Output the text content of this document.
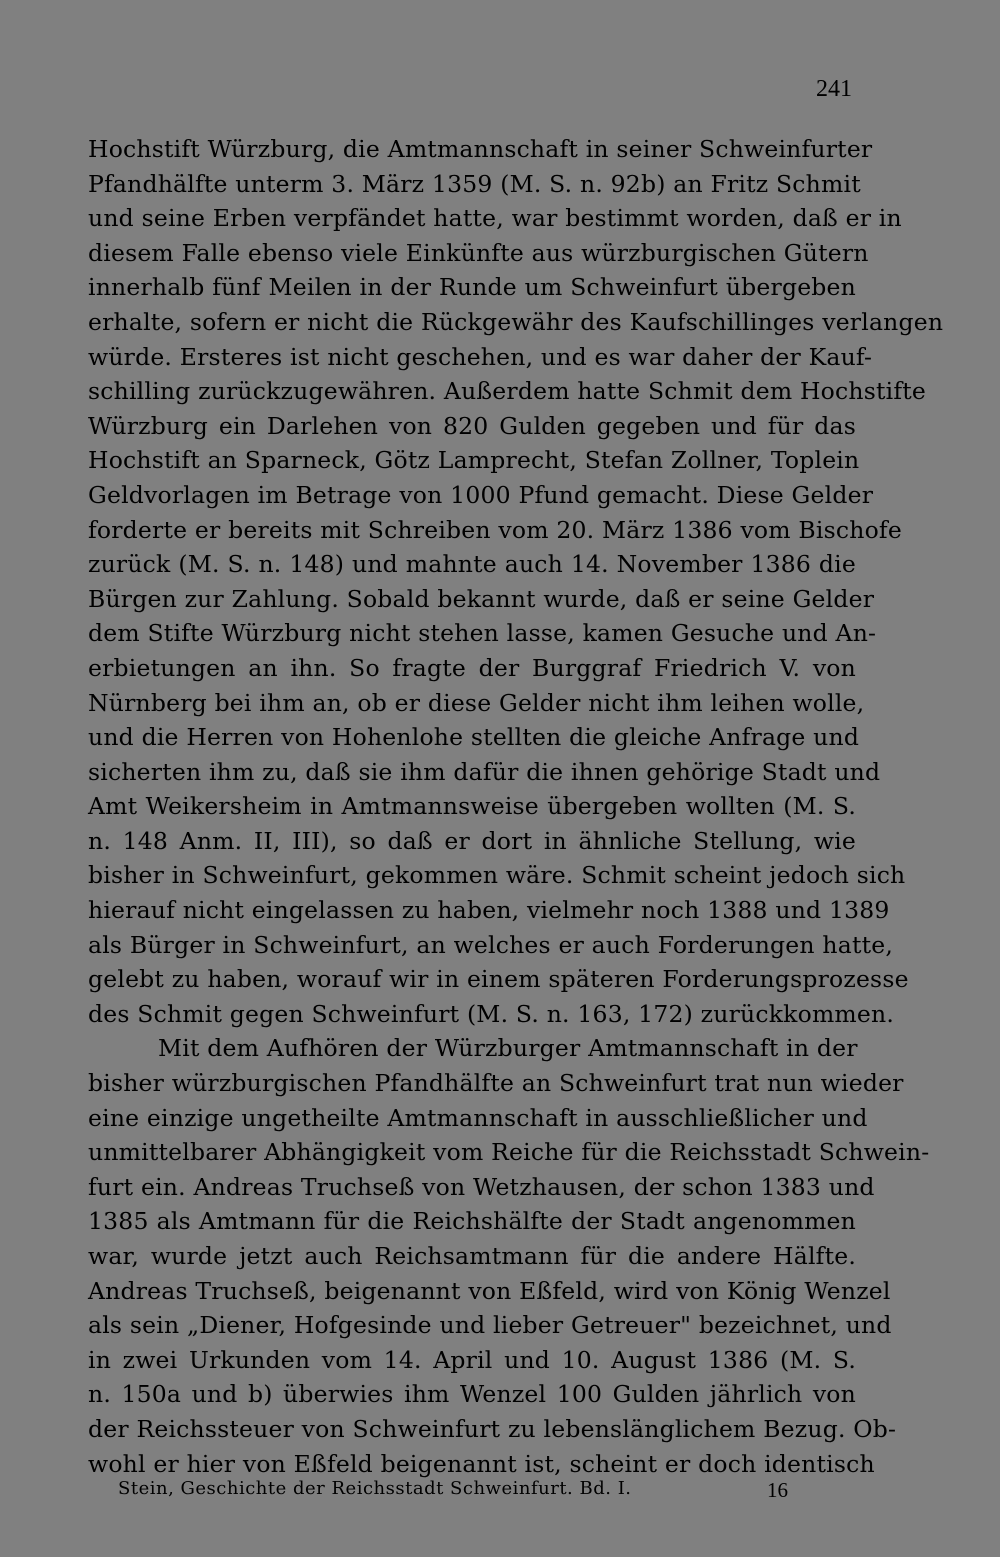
241
Hochstift Würzburg, die Amtmannschaft in seiner Schweinfurter
Pfandhälfte unterm 3. März 1359 (M. S. n. 92b) an Fritz Schmit
und seine Erben verpfändet hatte, war bestimmt worden, daß er in
diesem Falle ebenso viele Einkünfte aus würzburgischen Gütern
innerhalb fünf Meilen in der Runde um Schweinfurt übergeben
erhalte, sofern er nicht die Rückgewähr des Kaufschillinges verlangen
würde. Ersteres ist nicht geschehen, und es war daher der Kauf-
schilling zurückzugewähren. Außerdem hatte Schmit dem Hochstifte
Würzburg ein Darlehen von 820 Gulden gegeben und für das
Hochstift an Sparneck, Götz Lamprecht, Stefan Zollner, Toplein
Geldvorlagen im Betrage von 1000 Pfund gemacht. Diese Gelder
forderte er bereits mit Schreiben vom 20. März 1386 vom Bischofe
zurück (M. S. n. 148) und mahnte auch 14. November 1386 die
Bürgen zur Zahlung. Sobald bekannt wurde, daß er seine Gelder
dem Stifte Würzburg nicht stehen lasse, kamen Gesuche und An-
erbietungen an ihn. So fragte der Burggraf Friedrich V. von
Nürnberg bei ihm an, ob er diese Gelder nicht ihm leihen wolle,
und die Herren von Hohenlohe stellten die gleiche Anfrage und
sicherten ihm zu, daß sie ihm dafür die ihnen gehörige Stadt und
Amt Weikersheim in Amtmannsweise übergeben wollten (M. S.
n. 148 Anm. II, III), so daß er dort in ähnliche Stellung, wie
bisher in Schweinfurt, gekommen wäre. Schmit scheint jedoch sich
hierauf nicht eingelassen zu haben, vielmehr noch 1388 und 1389
als Bürger in Schweinfurt, an welches er auch Forderungen hatte,
gelebt zu haben, worauf wir in einem späteren Forderungsprozesse
des Schmit gegen Schweinfurt (M. S. n. 163, 172) zurückkommen.
Mit dem Aufhören der Würzburger Amtmannschaft in der
bisher würzburgischen Pfandhälfte an Schweinfurt trat nun wieder
eine einzige ungetheilte Amtmannschaft in ausschließlicher und
unmittelbarer Abhängigkeit vom Reiche für die Reichsstadt Schwein-
furt ein. Andreas Truchseß von Wetzhausen, der schon 1383 und
1385 als Amtmann für die Reichshälfte der Stadt angenommen
war, wurde jetzt auch Reichsamtmann für die andere Hälfte.
Andreas Truchseß, beigenannt von Eßfeld, wird von König Wenzel
als sein „Diener, Hofgesinde und lieber Getreuer" bezeichnet, und
in zwei Urkunden vom 14. April und 10. August 1386 (M. S.
n. 150a und b) überwies ihm Wenzel 100 Gulden jährlich von
der Reichssteuer von Schweinfurt zu lebenslänglichem Bezug. Ob-
wohl er hier von Eßfeld beigenannt ist, scheint er doch identisch
Stein, Geschichte der Reichsstadt Schweinfurt. Bd. I.	16
